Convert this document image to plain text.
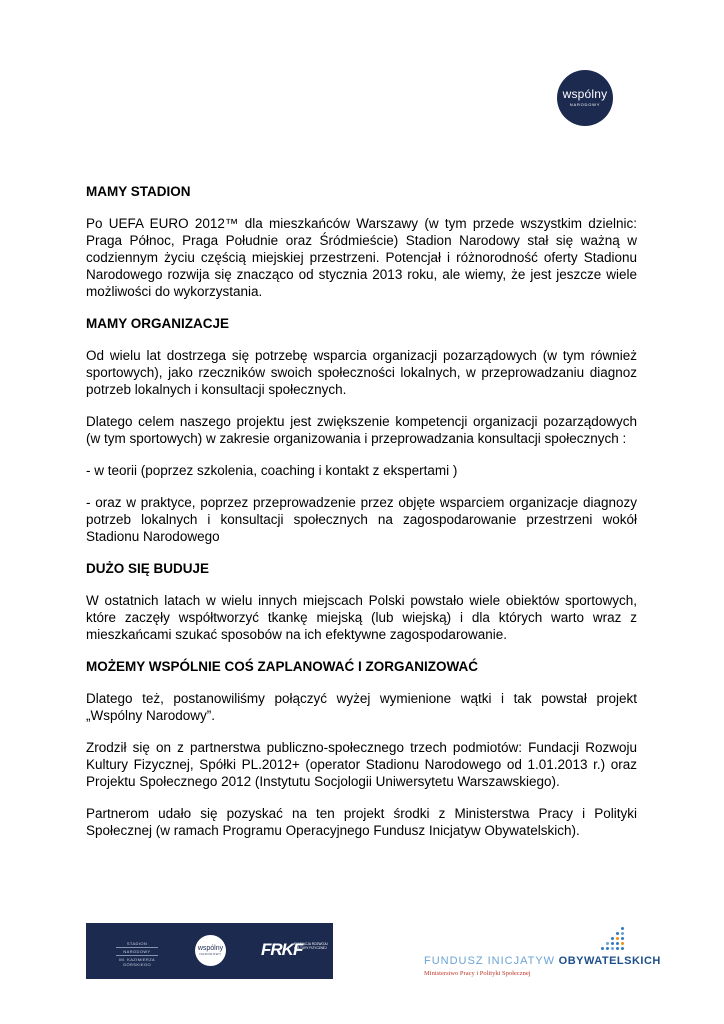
wspólny
NARODOWY
MAMY STADION

Po UEFA EURO 2012™ dla mieszkańców Warszawy (w tym przede wszystkim dzielnic: Praga Północ, Praga Południe oraz Śródmieście) Stadion Narodowy stał się ważną w codziennym życiu częścią miejskiej przestrzeni. Potencjał i różnorodność oferty Stadionu Narodowego rozwija się znacząco od stycznia 2013 roku, ale wiemy, że jest jeszcze wiele możliwości do wykorzystania.

MAMY ORGANIZACJE

Od wielu lat dostrzega się potrzebę wsparcia organizacji pozarządowych (w tym również sportowych), jako rzeczników swoich społeczności lokalnych, w przeprowadzaniu diagnoz potrzeb lokalnych i konsultacji społecznych.

Dlatego celem naszego projektu jest zwiększenie kompetencji organizacji pozarządowych (w tym sportowych) w zakresie organizowania i przeprowadzania konsultacji społecznych :

- w teorii (poprzez szkolenia, coaching i kontakt z ekspertami )

- oraz w praktyce, poprzez przeprowadzenie przez objęte wsparciem organizacje diagnozy potrzeb lokalnych i konsultacji społecznych na zagospodarowanie przestrzeni wokół Stadionu Narodowego

DUŻO SIĘ BUDUJE

W ostatnich latach w wielu innych miejscach Polski powstało wiele obiektów sportowych, które zaczęły współtworzyć tkankę miejską (lub wiejską) i dla których warto wraz z mieszkańcami szukać sposobów na ich efektywne zagospodarowanie.

MOŻEMY WSPÓLNIE COŚ ZAPLANOWAĆ I ZORGANIZOWAĆ

Dlatego też, postanowiliśmy połączyć wyżej wymienione wątki i tak powstał projekt „Wspólny Narodowy”.

Zrodził się on z partnerstwa publiczno-społecznego trzech podmiotów: Fundacji Rozwoju Kultury Fizycznej, Spółki PL.2012+ (operator Stadionu Narodowego od 1.01.2013 r.) oraz Projektu Społecznego 2012 (Instytutu Socjologii Uniwersytetu Warszawskiego).

Partnerom udało się pozyskać na ten projekt środki z Ministerstwa Pracy i Polityki Społecznej (w ramach Programu Operacyjnego Fundusz Inicjatyw Obywatelskich).

STADION
NARODOWY
IM. KAZIMIERZA GÓRSKIEGO
wspólny
NARODOWY FRKF
FUNDACJA ROZWOJU KULTURY FIZYCZNEJ
FUNDUSZ INICJATYW OBYWATELSKICH
Ministerstwo Pracy i Polityki Społecznej
